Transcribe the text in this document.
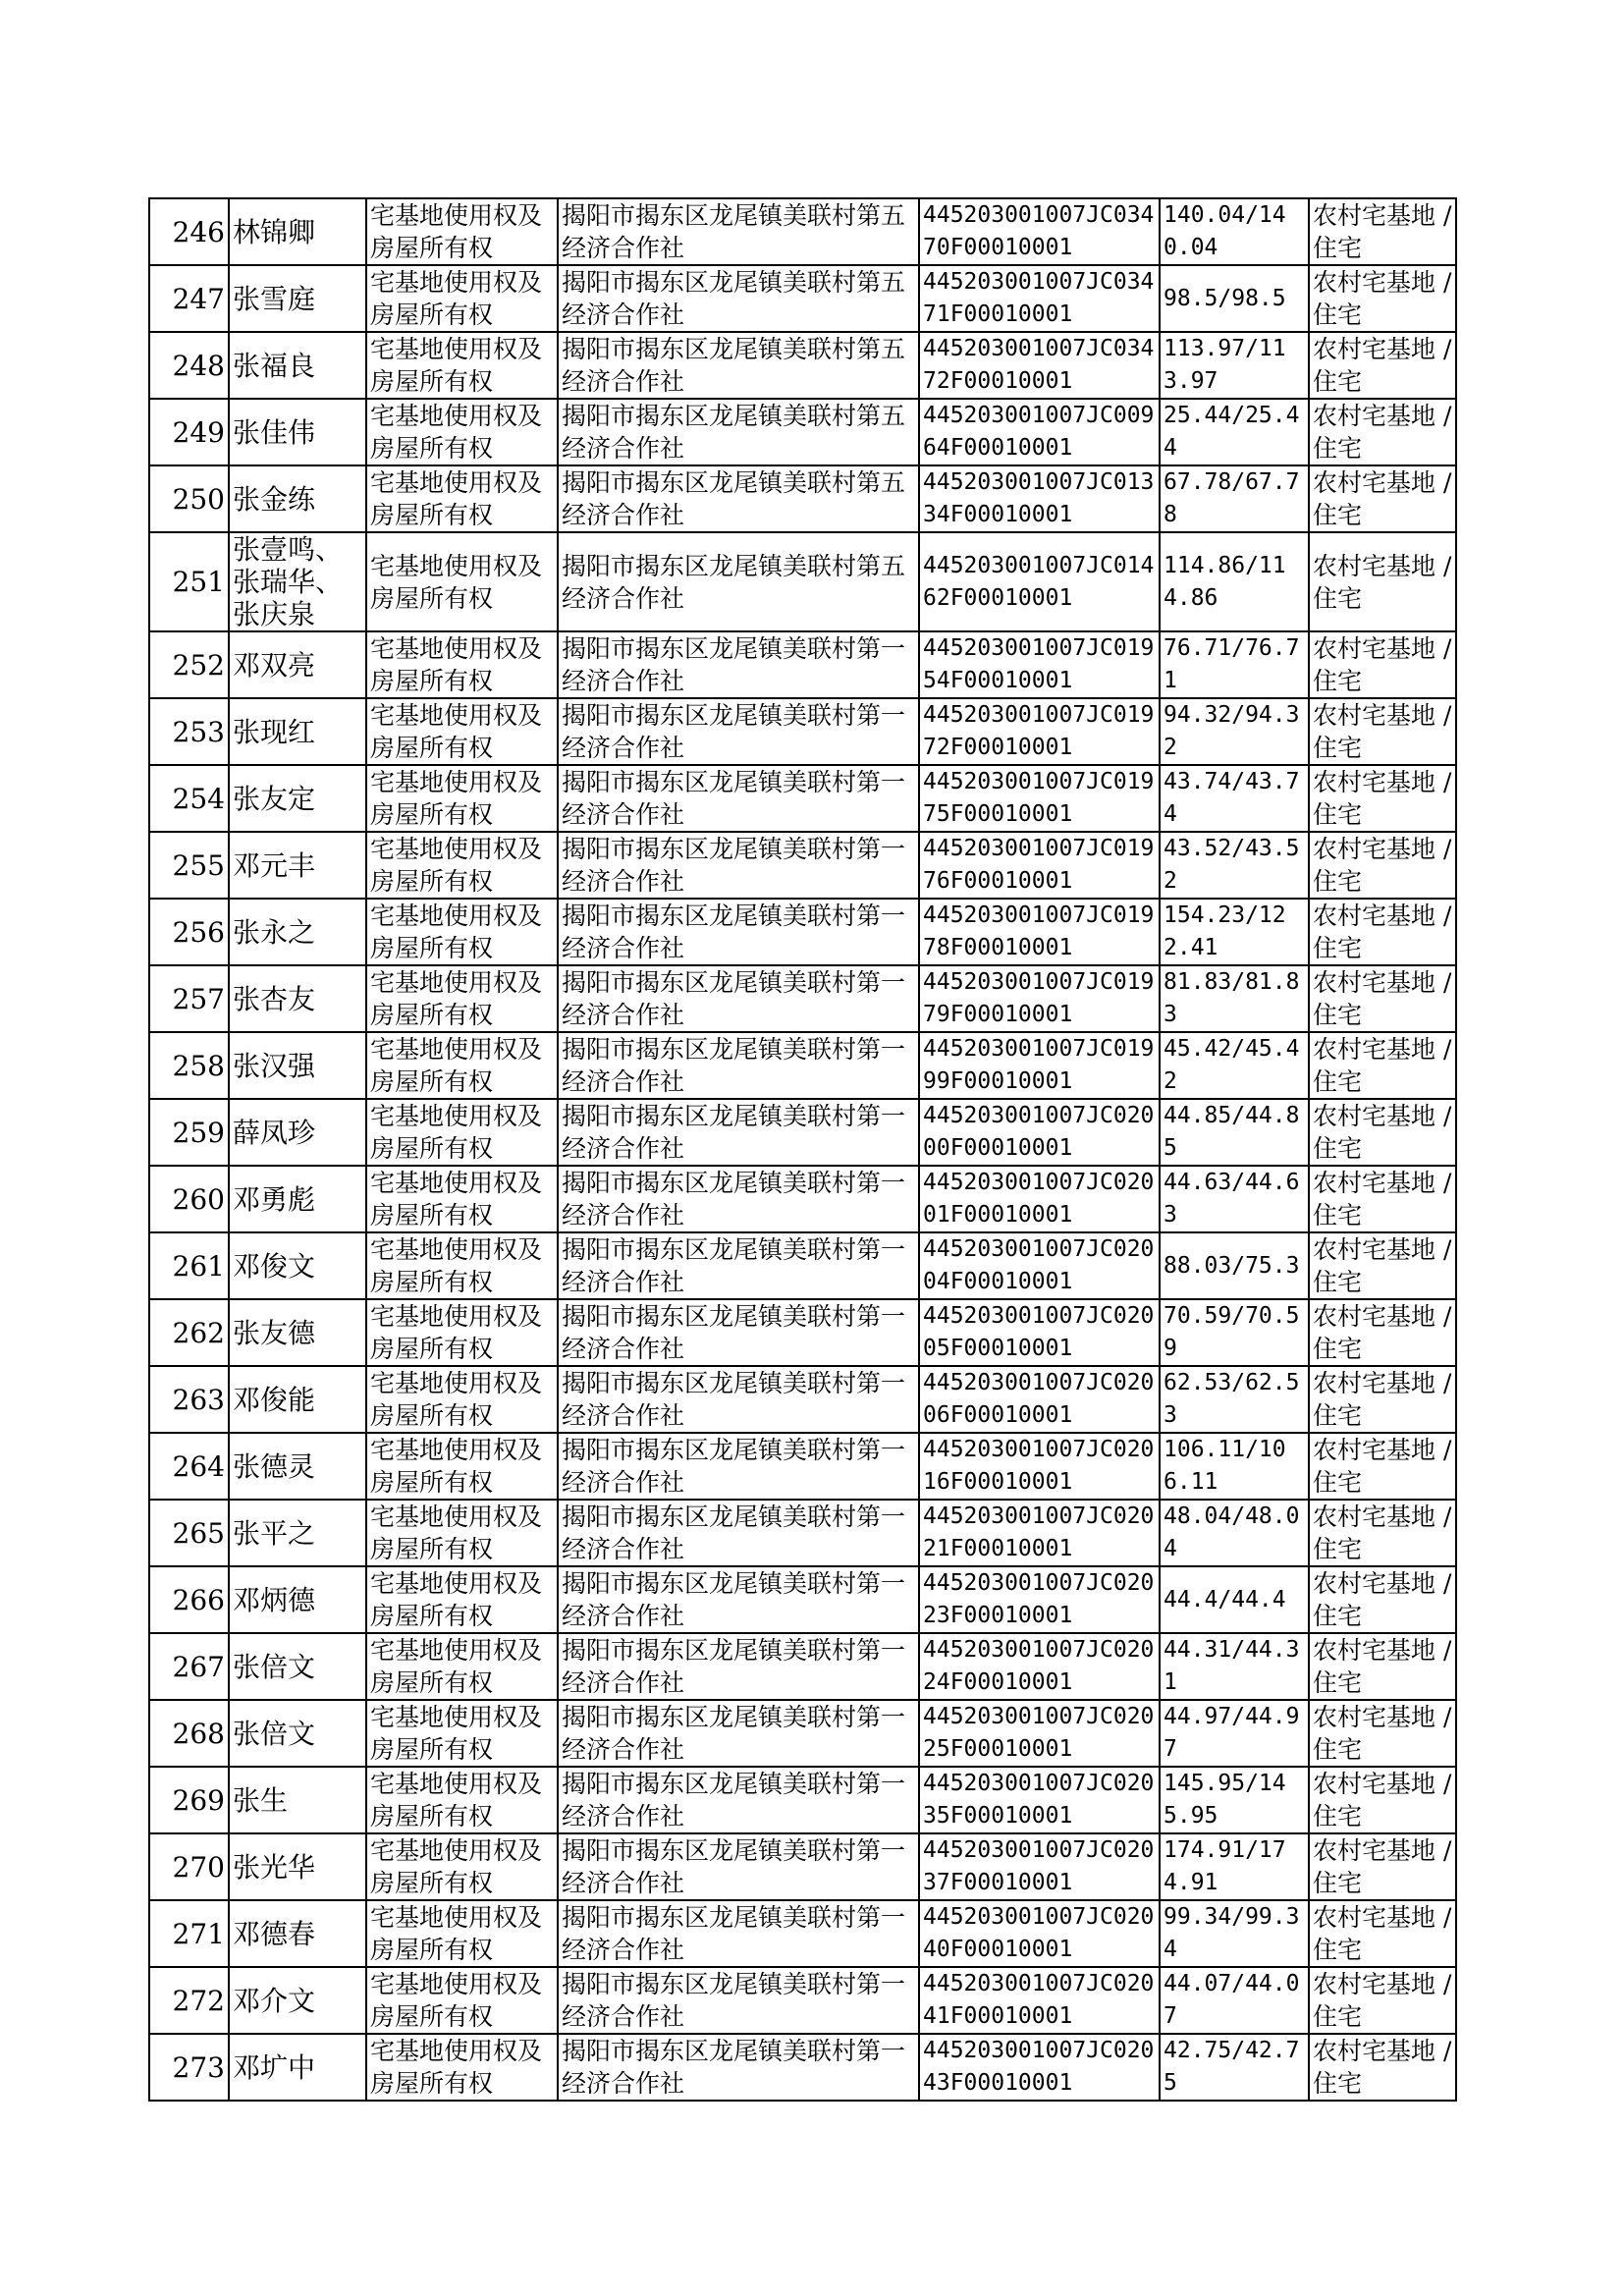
246	林锦卿	宅基地使用权及房屋所有权	揭阳市揭东区龙尾镇美联村第五经济合作社	445203001007JC03470F00010001	140.04/140.04	农村宅基地 / 住宅

247	张雪庭	宅基地使用权及房屋所有权	揭阳市揭东区龙尾镇美联村第五经济合作社	445203001007JC03471F00010001	98.5/98.5	农村宅基地 / 住宅

248	张福良	宅基地使用权及房屋所有权	揭阳市揭东区龙尾镇美联村第五经济合作社	445203001007JC03472F00010001	113.97/113.97	农村宅基地 / 住宅

249	张佳伟	宅基地使用权及房屋所有权	揭阳市揭东区龙尾镇美联村第五经济合作社	445203001007JC00964F00010001	25.44/25.44	农村宅基地 / 住宅

250	张金练	宅基地使用权及房屋所有权	揭阳市揭东区龙尾镇美联村第五经济合作社	445203001007JC01334F00010001	67.78/67.78	农村宅基地 / 住宅

251	张壹鸣、
张瑞华、
张庆泉	宅基地使用权及房屋所有权	揭阳市揭东区龙尾镇美联村第五经济合作社	445203001007JC01462F00010001	114.86/114.86	农村宅基地 / 住宅

252	邓双亮	宅基地使用权及房屋所有权	揭阳市揭东区龙尾镇美联村第一经济合作社	445203001007JC01954F00010001	76.71/76.71	农村宅基地 / 住宅

253	张现红	宅基地使用权及房屋所有权	揭阳市揭东区龙尾镇美联村第一经济合作社	445203001007JC01972F00010001	94.32/94.32	农村宅基地 / 住宅

254	张友定	宅基地使用权及房屋所有权	揭阳市揭东区龙尾镇美联村第一经济合作社	445203001007JC01975F00010001	43.74/43.74	农村宅基地 / 住宅

255	邓元丰	宅基地使用权及房屋所有权	揭阳市揭东区龙尾镇美联村第一经济合作社	445203001007JC01976F00010001	43.52/43.52	农村宅基地 / 住宅

256	张永之	宅基地使用权及房屋所有权	揭阳市揭东区龙尾镇美联村第一经济合作社	445203001007JC01978F00010001	154.23/122.41	农村宅基地 / 住宅

257	张杏友	宅基地使用权及房屋所有权	揭阳市揭东区龙尾镇美联村第一经济合作社	445203001007JC01979F00010001	81.83/81.83	农村宅基地 / 住宅

258	张汉强	宅基地使用权及房屋所有权	揭阳市揭东区龙尾镇美联村第一经济合作社	445203001007JC01999F00010001	45.42/45.42	农村宅基地 / 住宅

259	薛凤珍	宅基地使用权及房屋所有权	揭阳市揭东区龙尾镇美联村第一经济合作社	445203001007JC02000F00010001	44.85/44.85	农村宅基地 / 住宅

260	邓勇彪	宅基地使用权及房屋所有权	揭阳市揭东区龙尾镇美联村第一经济合作社	445203001007JC02001F00010001	44.63/44.63	农村宅基地 / 住宅

261	邓俊文	宅基地使用权及房屋所有权	揭阳市揭东区龙尾镇美联村第一经济合作社	445203001007JC02004F00010001	88.03/75.3	农村宅基地 / 住宅

262	张友德	宅基地使用权及房屋所有权	揭阳市揭东区龙尾镇美联村第一经济合作社	445203001007JC02005F00010001	70.59/70.59	农村宅基地 / 住宅

263	邓俊能	宅基地使用权及房屋所有权	揭阳市揭东区龙尾镇美联村第一经济合作社	445203001007JC02006F00010001	62.53/62.53	农村宅基地 / 住宅

264	张德灵	宅基地使用权及房屋所有权	揭阳市揭东区龙尾镇美联村第一经济合作社	445203001007JC02016F00010001	106.11/106.11	农村宅基地 / 住宅

265	张平之	宅基地使用权及房屋所有权	揭阳市揭东区龙尾镇美联村第一经济合作社	445203001007JC02021F00010001	48.04/48.04	农村宅基地 / 住宅

266	邓炳德	宅基地使用权及房屋所有权	揭阳市揭东区龙尾镇美联村第一经济合作社	445203001007JC02023F00010001	44.4/44.4	农村宅基地 / 住宅

267	张倍文	宅基地使用权及房屋所有权	揭阳市揭东区龙尾镇美联村第一经济合作社	445203001007JC02024F00010001	44.31/44.31	农村宅基地 / 住宅

268	张倍文	宅基地使用权及房屋所有权	揭阳市揭东区龙尾镇美联村第一经济合作社	445203001007JC02025F00010001	44.97/44.97	农村宅基地 / 住宅

269	张生	宅基地使用权及房屋所有权	揭阳市揭东区龙尾镇美联村第一经济合作社	445203001007JC02035F00010001	145.95/145.95	农村宅基地 / 住宅

270	张光华	宅基地使用权及房屋所有权	揭阳市揭东区龙尾镇美联村第一经济合作社	445203001007JC02037F00010001	174.91/174.91	农村宅基地 / 住宅

271	邓德春	宅基地使用权及房屋所有权	揭阳市揭东区龙尾镇美联村第一经济合作社	445203001007JC02040F00010001	99.34/99.34	农村宅基地 / 住宅

272	邓介文	宅基地使用权及房屋所有权	揭阳市揭东区龙尾镇美联村第一经济合作社	445203001007JC02041F00010001	44.07/44.07	农村宅基地 / 住宅

273	邓圹中	宅基地使用权及房屋所有权	揭阳市揭东区龙尾镇美联村第一经济合作社	445203001007JC02043F00010001	42.75/42.75	农村宅基地 / 住宅
